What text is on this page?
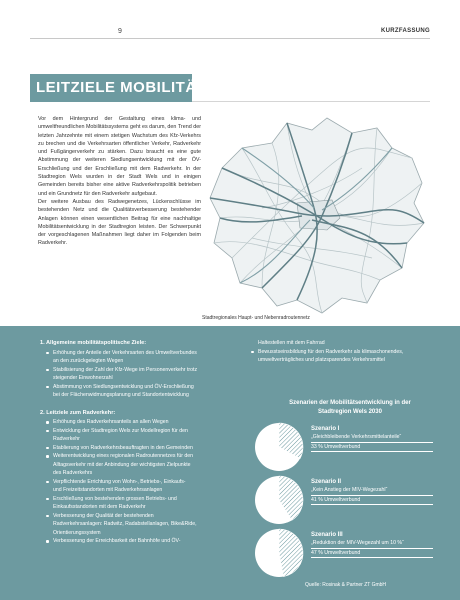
9	KURZFASSUNG
LEITZIELE MOBILITÄT

Vor dem Hintergrund der Gestaltung eines klima- und umweltfreundlichen Mobilitätssystems geht es darum, den Trend der letzten Jahrzehnte mit einem stetigen Wachstum des Kfz-Verkehrs zu brechen und die Verkehrsarten öffentlicher Verkehr, Radverkehr und Fußgängerverkehr zu stärken. Dazu braucht es eine gute Abstimmung der weiteren Siedlungsentwicklung mit der ÖV-Erschließung und der Erschließung mit dem Radverkehr. In der Stadtregion Wels wurden in der Stadt Wels und in einigen Gemeinden bereits bisher eine aktive Radverkehrspolitik betrieben und ein Grundnetz für den Radverkehr aufgebaut.

Der weitere Ausbau des Radwegenetzes, Lückenschlüsse im bestehenden Netz und die Qualitätsverbesserung bestehender Anlagen können einen wesentlichen Beitrag für eine nachhaltige Mobilitätsentwicklung in der Stadtregion leisten. Der Schwerpunkt der vorgeschlagenen Maßnahmen liegt daher im Folgenden beim Radverkehr.

Stadtregionales Haupt- und Nebenradroutennetz
1. Allgemeine mobilitätspolitische Ziele:
Erhöhung der Anteile der Verkehrsarten des Umweltverbundes
an den zurückgelegten Wegen
Stabilisierung der Zahl der Kfz-Wege im Personenverkehr trotz
steigender Einwohnerzahl
Abstimmung von Siedlungsentwicklung und ÖV-Erschließung
bei der Flächenwidmungsplanung und Standortentwicklung
2. Leitziele zum Radverkehr:
Erhöhung des Radverkehrsanteils an allen Wegen
Entwicklung der Stadtregion Wels zur Modellregion für den
Radverkehr
Etablierung von Radverkehrsbeauftragten in den Gemeinden
Weiterentwicklung eines regionalen Radroutennetzes für den
Alltagsverkehr mit der Anbindung der wichtigsten Zielpunkte
des Radverkehrs
Verpflichtende Errichtung von Wohn-, Betriebs-, Einkaufs-
und Freizeitstandorten mit Radverkehrsanlagen
Erschließung von bestehenden grossen Betriebs- und
Einkaufsstandorten mit dem Radverkehr
Verbesserung der Qualität der bestehenden
Radverkehrsanlagen: Radwitz, Radabstellanlagen, Bike&Ride,
Orientierungssystem
Verbesserung der Erreichbarkeit der Bahnhöfe und ÖV-
Haltestellen mit dem Fahrrad
Bewusstseinsbildung für den Radverkehr als klimaschonendes,
umweltverträgliches und platzsparendes Verkehrsmittel
Szenarien der Mobilitätsentwicklung in der Stadtregion Wels 2030
Szenario I
„Gleichbleibende Verkehrsmittelanteile“
33 % Umweltverbund
Szenario II
„Kein Anstieg der MIV-Wegezahl“
41 % Umweltverbund
Szenario III
„Reduktion der MIV-Wegezahl um 10 %“
47 % Umweltverbund
Quelle: Rosinak & Partner ZT GmbH
